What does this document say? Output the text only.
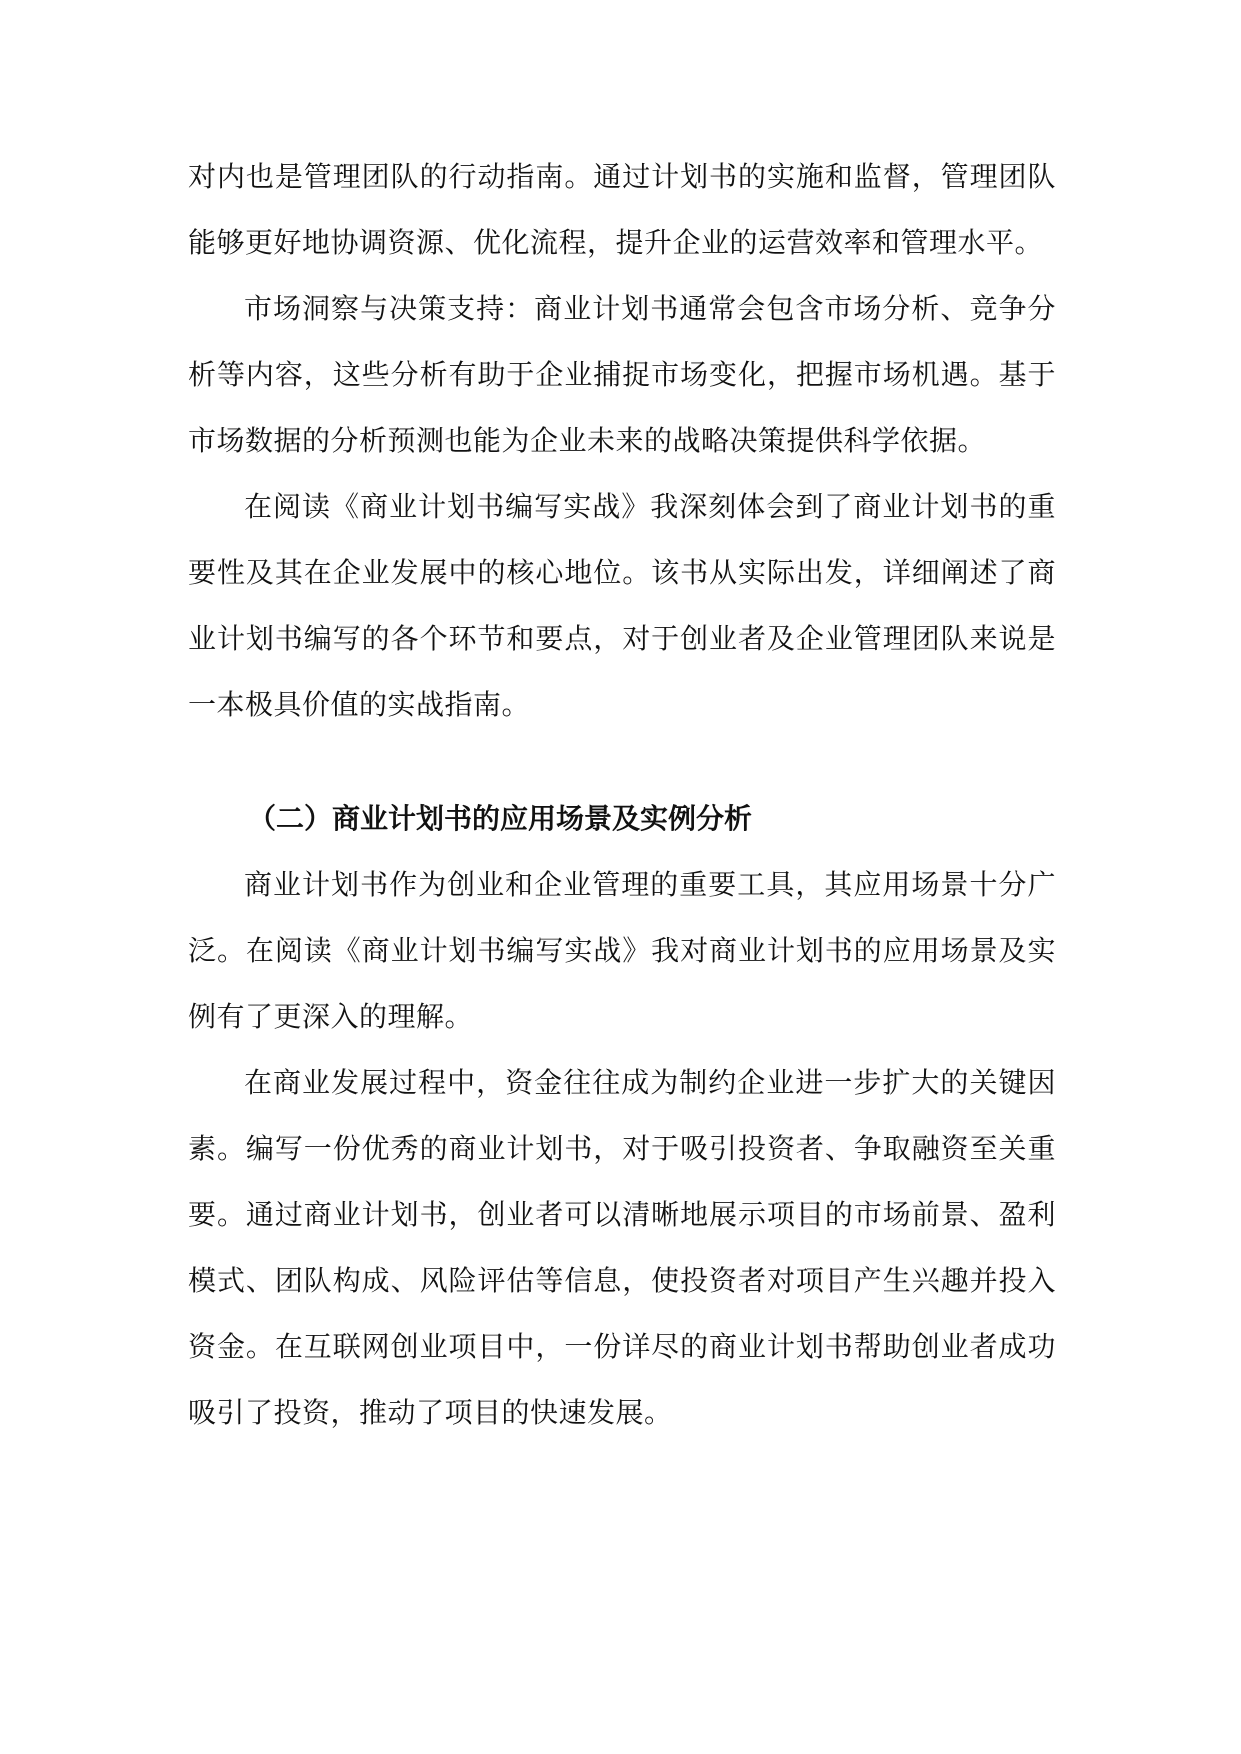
对内也是管理团队的行动指南。通过计划书的实施和监督，管理团队
能够更好地协调资源、优化流程，提升企业的运营效率和管理水平。

市场洞察与决策支持：商业计划书通常会包含市场分析、竞争分
析等内容，这些分析有助于企业捕捉市场变化，把握市场机遇。基于
市场数据的分析预测也能为企业未来的战略决策提供科学依据。

在阅读《商业计划书编写实战》我深刻体会到了商业计划书的重
要性及其在企业发展中的核心地位。该书从实际出发，详细阐述了商
业计划书编写的各个环节和要点，对于创业者及企业管理团队来说是
一本极具价值的实战指南。

（二）商业计划书的应用场景及实例分析

商业计划书作为创业和企业管理的重要工具，其应用场景十分广
泛。在阅读《商业计划书编写实战》我对商业计划书的应用场景及实
例有了更深入的理解。

在商业发展过程中，资金往往成为制约企业进一步扩大的关键因
素。编写一份优秀的商业计划书，对于吸引投资者、争取融资至关重
要。通过商业计划书，创业者可以清晰地展示项目的市场前景、盈利
模式、团队构成、风险评估等信息，使投资者对项目产生兴趣并投入
资金。在互联网创业项目中，一份详尽的商业计划书帮助创业者成功
吸引了投资，推动了项目的快速发展。
